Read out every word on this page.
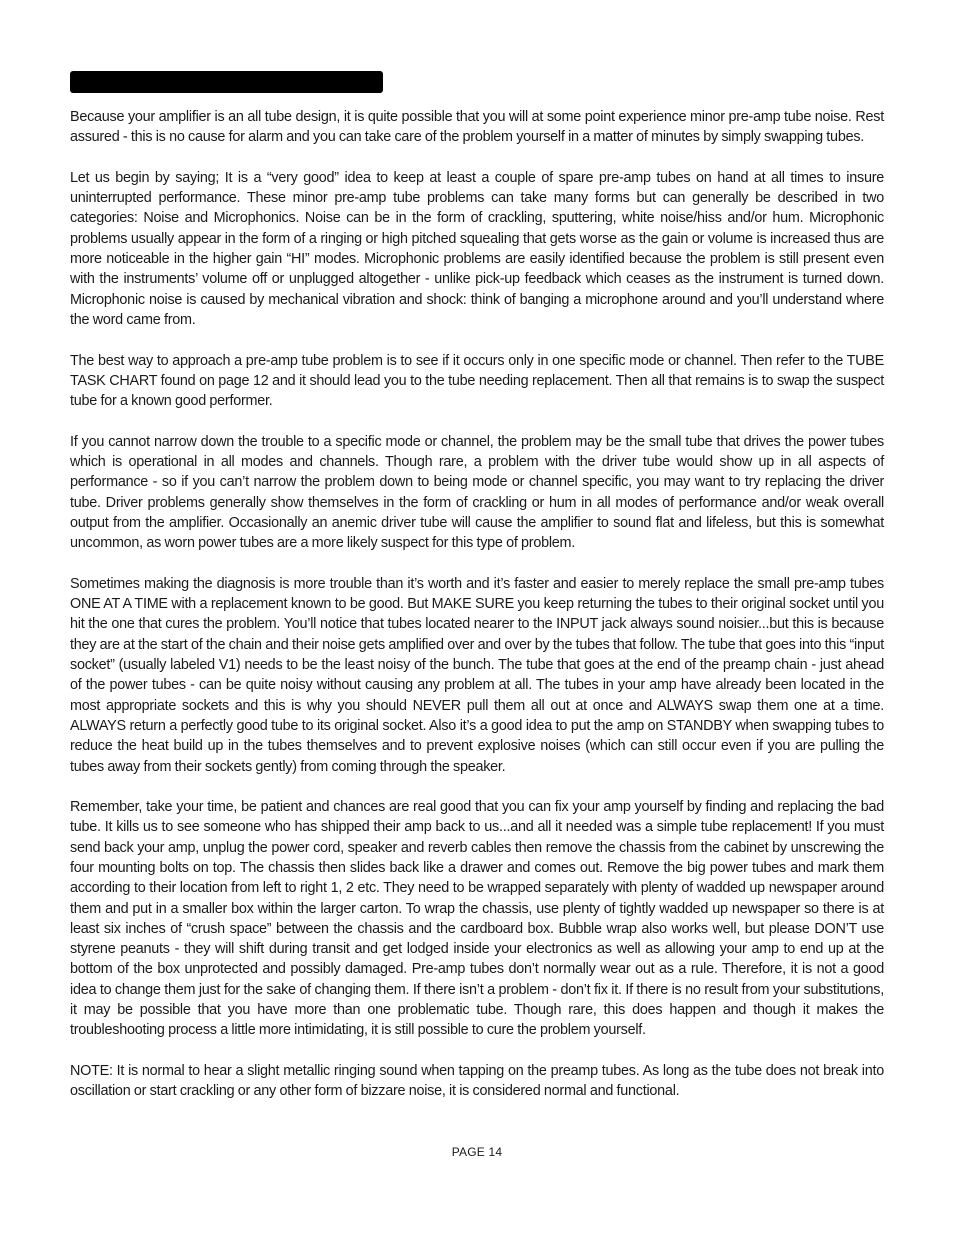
Because your amplifier is an all tube design, it is quite possible that you will at some point experience minor pre-amp tube noise. Rest assured - this is no cause for alarm and you can take care of the problem yourself in a matter of minutes by simply swapping tubes.

Let us begin by saying; It is a “very good” idea to keep at least a couple of spare pre-amp tubes on hand at all times to insure uninterrupted performance. These minor pre-amp tube problems can take many forms but can generally be described in two categories: Noise and Microphonics. Noise can be in the form of crackling, sputtering, white noise/hiss and/or hum. Microphonic problems usually appear in the form of a ringing or high pitched squealing that gets worse as the gain or volume is increased thus are more noticeable in the higher gain “HI” modes. Microphonic problems are easily identified because the problem is still present even with the instruments’ volume off or unplugged altogether - unlike pick-up feedback which ceases as the instrument is turned down. Microphonic noise is caused by mechanical vibration and shock: think of banging a microphone around and you’ll understand where the word came from.

The best way to approach a pre-amp tube problem is to see if it occurs only in one specific mode or channel. Then refer to the TUBE TASK CHART found on page 12 and it should lead you to the tube needing replacement. Then all that remains is to swap the suspect tube for a known good performer.

If you cannot narrow down the trouble to a specific mode or channel, the problem may be the small tube that drives the power tubes which is operational in all modes and channels. Though rare, a problem with the driver tube would show up in all aspects of performance - so if you can’t narrow the problem down to being mode or channel specific, you may want to try replacing the driver tube. Driver problems generally show themselves in the form of crackling or hum in all modes of performance and/or weak overall output from the amplifier. Occasionally an anemic driver tube will cause the amplifier to sound flat and lifeless, but this is somewhat uncommon, as worn power tubes are a more likely suspect for this type of problem.

Sometimes making the diagnosis is more trouble than it’s worth and it’s faster and easier to merely replace the small pre-amp tubes ONE AT A TIME with a replacement known to be good. But MAKE SURE you keep returning the tubes to their original socket until you hit the one that cures the problem. You’ll notice that tubes located nearer to the INPUT jack always sound noisier...but this is because they are at the start of the chain and their noise gets amplified over and over by the tubes that follow. The tube that goes into this “input socket” (usually labeled V1) needs to be the least noisy of the bunch. The tube that goes at the end of the preamp chain - just ahead of the power tubes - can be quite noisy without causing any problem at all. The tubes in your amp have already been located in the most appropriate sockets and this is why you should NEVER pull them all out at once and ALWAYS swap them one at a time. ALWAYS return a perfectly good tube to its original socket. Also it’s a good idea to put the amp on STANDBY when swapping tubes to reduce the heat build up in the tubes themselves and to prevent explosive noises (which can still occur even if you are pulling the tubes away from their sockets gently) from coming through the speaker.

Remember, take your time, be patient and chances are real good that you can fix your amp yourself by finding and replacing the bad tube. It kills us to see someone who has shipped their amp back to us...and all it needed was a simple tube replacement! If you must send back your amp, unplug the power cord, speaker and reverb cables then remove the chassis from the cabinet by unscrewing the four mounting bolts on top. The chassis then slides back like a drawer and comes out. Remove the big power tubes and mark them according to their location from left to right 1, 2 etc. They need to be wrapped separately with plenty of wadded up newspaper around them and put in a smaller box within the larger carton. To wrap the chassis, use plenty of tightly wadded up newspaper so there is at least six inches of “crush space” between the chassis and the cardboard box. Bubble wrap also works well, but please DON’T use styrene peanuts - they will shift during transit and get lodged inside your electronics as well as allowing your amp to end up at the bottom of the box unprotected and possibly damaged. Pre-amp tubes don’t normally wear out as a rule. Therefore, it is not a good idea to change them just for the sake of changing them. If there isn’t a problem - don’t fix it. If there is no result from your substitutions, it may be possible that you have more than one problematic tube. Though rare, this does happen and though it makes the troubleshooting process a little more intimidating, it is still possible to cure the problem yourself.

NOTE: It is normal to hear a slight metallic ringing sound when tapping on the preamp tubes. As long as the tube does not break into oscillation or start crackling or any other form of bizzare noise, it is considered normal and functional.

PAGE 14
